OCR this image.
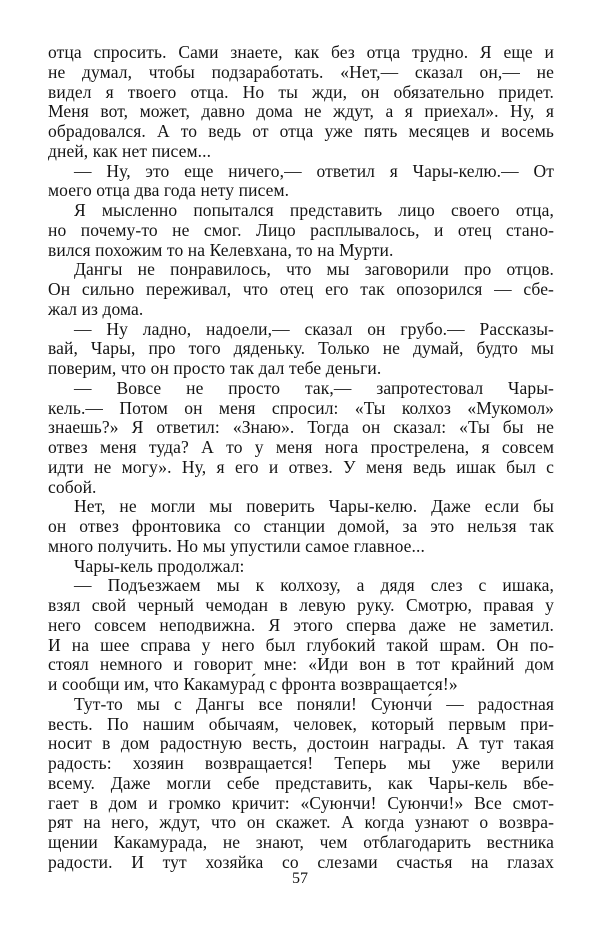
отца спросить. Сами знаете, как без отца трудно. Я еще и
не думал, чтобы подзаработать. «Нет,— сказал он,— не
видел я твоего отца. Но ты жди, он обязательно придет.
Меня вот, может, давно дома не ждут, а я приехал». Ну, я
обрадовался. А то ведь от отца уже пять месяцев и восемь
дней, как нет писем...
— Ну, это еще ничего,— ответил я Чары-келю.— От
моего отца два года нету писем.
Я мысленно попытался представить лицо своего отца,
но почему-то не смог. Лицо расплывалось, и отец стано-
вился похожим то на Келевхана, то на Мурти.
Дангы не понравилось, что мы заговорили про отцов.
Он сильно переживал, что отец его так опозорился — сбе-
жал из дома.
— Ну ладно, надоели,— сказал он грубо.— Рассказы-
вай, Чары, про того дяденьку. Только не думай, будто мы
поверим, что он просто так дал тебе деньги.
— Вовсе не просто так,— запротестовал Чары-
кель.— Потом он меня спросил: «Ты колхоз «Мукомол»
знаешь?» Я ответил: «Знаю». Тогда он сказал: «Ты бы не
отвез меня туда? А то у меня нога прострелена, я совсем
идти не могу». Ну, я его и отвез. У меня ведь ишак был с
собой.
Нет, не могли мы поверить Чары-келю. Даже если бы
он отвез фронтовика со станции домой, за это нельзя так
много получить. Но мы упустили самое главное...
Чары-кель продолжал:
— Подъезжаем мы к колхозу, а дядя слез с ишака,
взял свой черный чемодан в левую руку. Смотрю, правая у
него совсем неподвижна. Я этого сперва даже не заметил.
И на шее справа у него был глубокий такой шрам. Он по-
стоял немного и говорит мне: «Иди вон в тот крайний дом
и сообщи им, что Какамура́д с фронта возвращается!»
Тут-то мы с Дангы все поняли! Суюнчи́ — радостная
весть. По нашим обычаям, человек, который первым при-
носит в дом радостную весть, достоин награды. А тут такая
радость: хозяин возвращается! Теперь мы уже верили
всему. Даже могли себе представить, как Чары-кель вбе-
гает в дом и громко кричит: «Суюнчи! Суюнчи!» Все смот-
рят на него, ждут, что он скажет. А когда узнают о возвра-
щении Какамурада, не знают, чем отблагодарить вестника
радости. И тут хозяйка со слезами счастья на глазах
57
